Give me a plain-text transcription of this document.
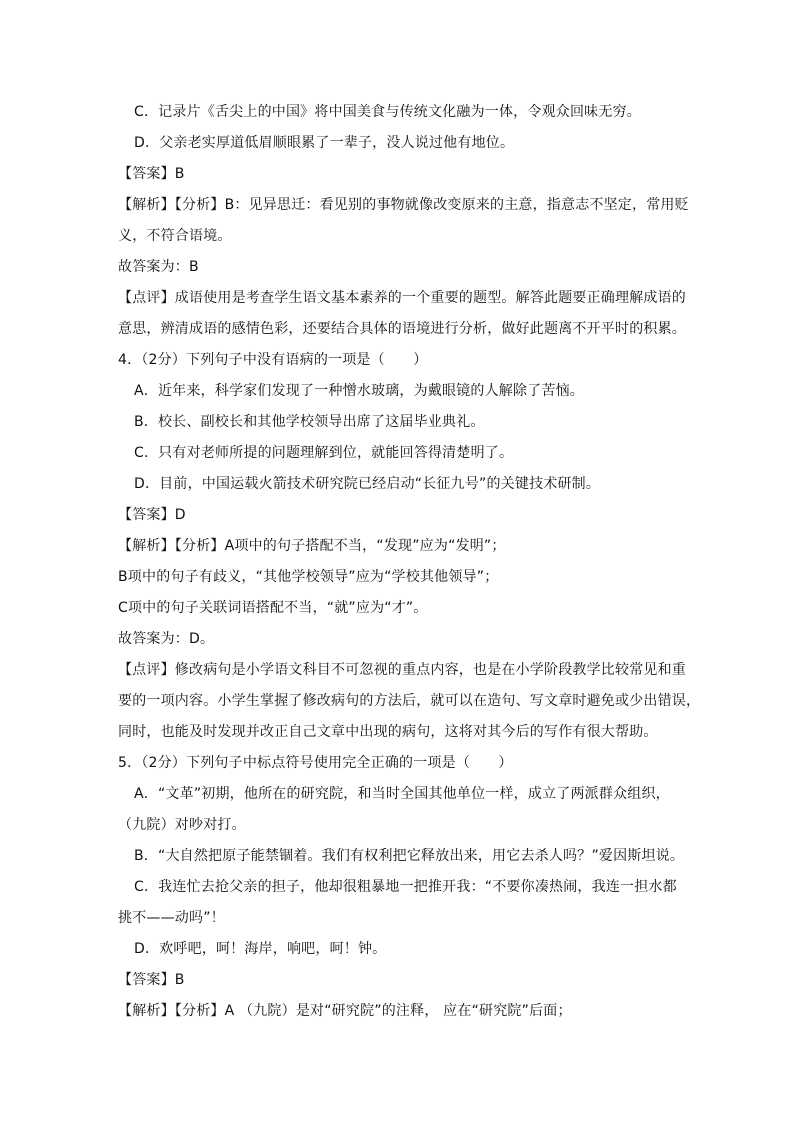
C．记录片《舌尖上的中国》将中国美食与传统文化融为一体，令观众回味无穷。
D．父亲老实厚道低眉顺眼累了一辈子，没人说过他有地位。
【答案】B
【解析】【分析】B：见异思迁：看见别的事物就像改变原来的主意，指意志不坚定，常用贬
义，不符合语境。
故答案为：B
【点评】成语使用是考查学生语文基本素养的一个重要的题型。解答此题要正确理解成语的
意思，辨清成语的感情色彩，还要结合具体的语境进行分析，做好此题离不开平时的积累。
4．（2分）下列句子中没有语病的一项是（　　）
A．近年来，科学家们发现了一种憎水玻璃，为戴眼镜的人解除了苦恼。
B．校长、副校长和其他学校领导出席了这届毕业典礼。
C．只有对老师所提的问题理解到位，就能回答得清楚明了。
D．目前，中国运载火箭技术研究院已经启动“长征九号”的关键技术研制。
【答案】D
【解析】【分析】A项中的句子搭配不当，“发现”应为“发明”；
B项中的句子有歧义，“其他学校领导”应为“学校其他领导”；
C项中的句子关联词语搭配不当，“就”应为“才”。
故答案为：D。
【点评】修改病句是小学语文科目不可忽视的重点内容，也是在小学阶段教学比较常见和重
要的一项内容。小学生掌握了修改病句的方法后，就可以在造句、写文章时避免或少出错误，
同时，也能及时发现并改正自己文章中出现的病句，这将对其今后的写作有很大帮助。
5．（2分）下列句子中标点符号使用完全正确的一项是（　　）
A．“文革”初期，他所在的研究院，和当时全国其他单位一样，成立了两派群众组织，
（九院）对吵对打。
B．“大自然把原子能禁锢着。我们有权利把它释放出来，用它去杀人吗？”爱因斯坦说。
C．我连忙去抢父亲的担子，他却很粗暴地一把推开我：“不要你凑热闹，我连一担水都
挑不——动吗”！
D．欢呼吧，呵！海岸，响吧，呵！钟。
【答案】B
【解析】【分析】A （九院）是对“研究院”的注释， 应在“研究院”后面；
